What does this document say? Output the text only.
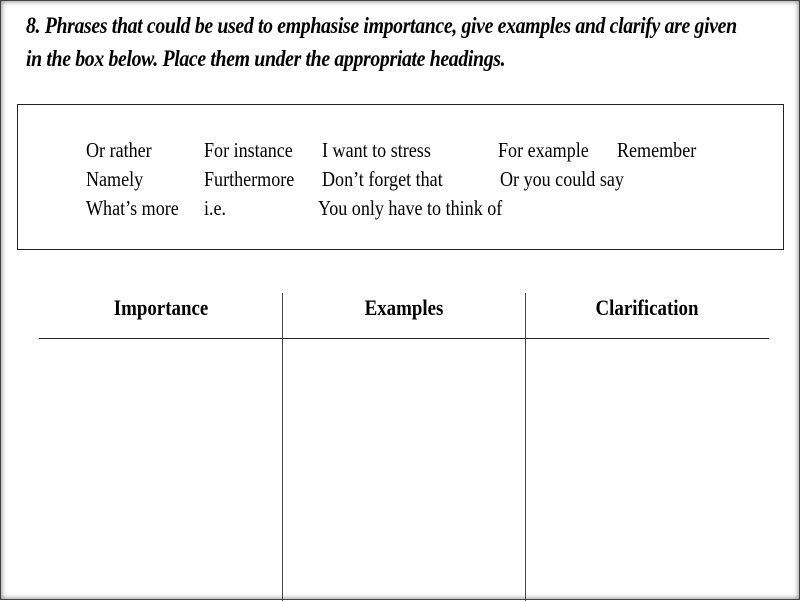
8. Phrases that could be used to emphasise importance, give examples and clarify are given
in the box below. Place them under the appropriate headings.
Or rather For instance I want to stress	For example Remember
Namely	Furthermore Don’t forget that	Or you could say
What’s more i.e.	You only have to think of
Importance	Examples	Clarification
